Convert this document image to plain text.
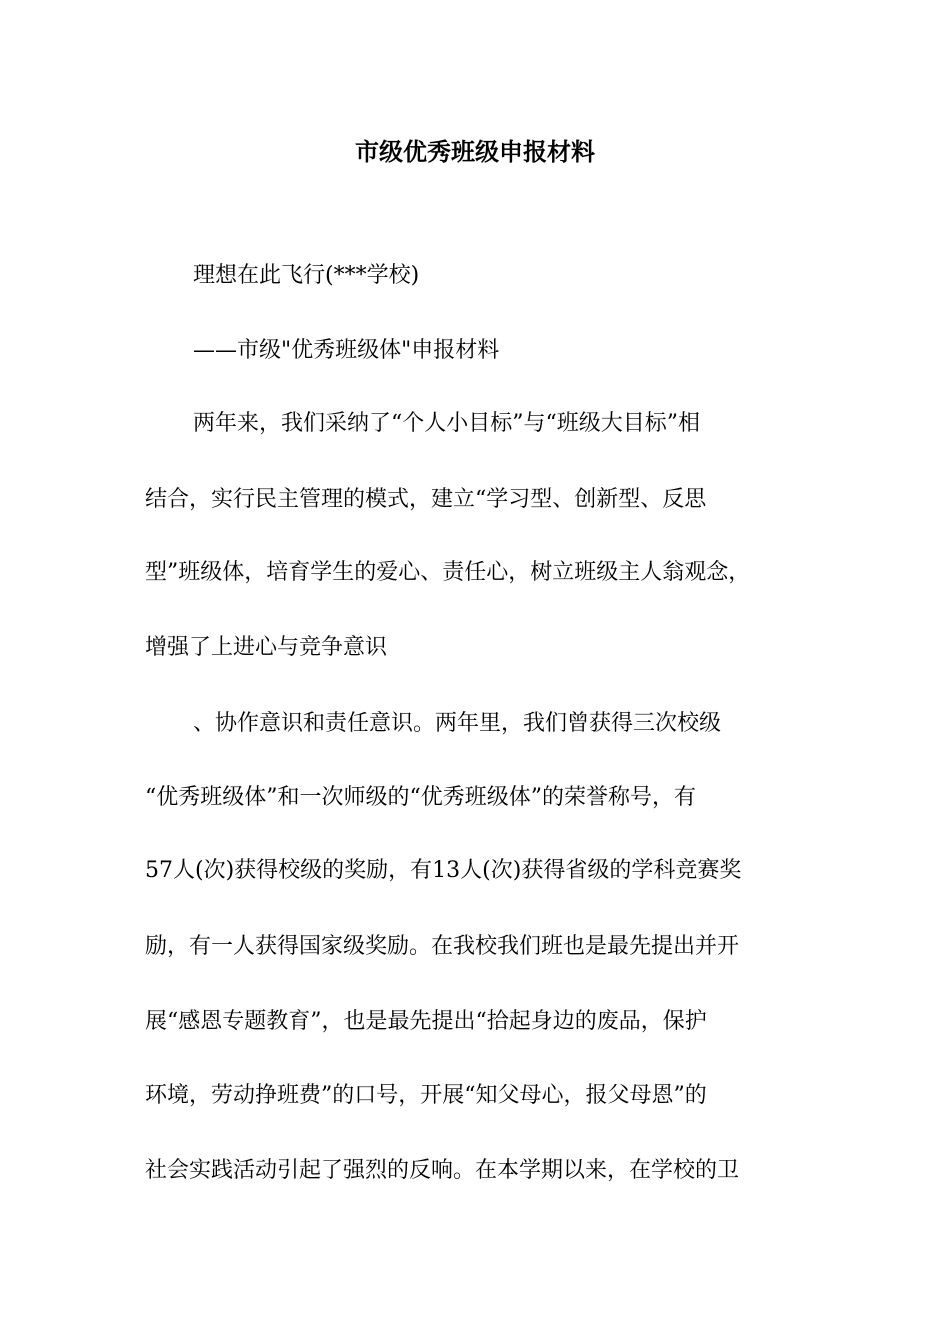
市级优秀班级申报材料
理想在此飞行(***学校)
——市级"优秀班级体"申报材料
两年来，我们采纳了“个人小目标”与“班级大目标”相
结合，实行民主管理的模式，建立“学习型、创新型、反思
型”班级体，培育学生的爱心、责任心，树立班级主人翁观念，
增强了上进心与竞争意识
、协作意识和责任意识。两年里，我们曾获得三次校级
“优秀班级体”和一次师级的“优秀班级体”的荣誉称号，有
57人(次)获得校级的奖励，有13人(次)获得省级的学科竞赛奖
励，有一人获得国家级奖励。在我校我们班也是最先提出并开
展“感恩专题教育”，也是最先提出“拾起身边的废品，保护
环境，劳动挣班费”的口号，开展“知父母心，报父母恩”的
社会实践活动引起了强烈的反响。在本学期以来，在学校的卫
